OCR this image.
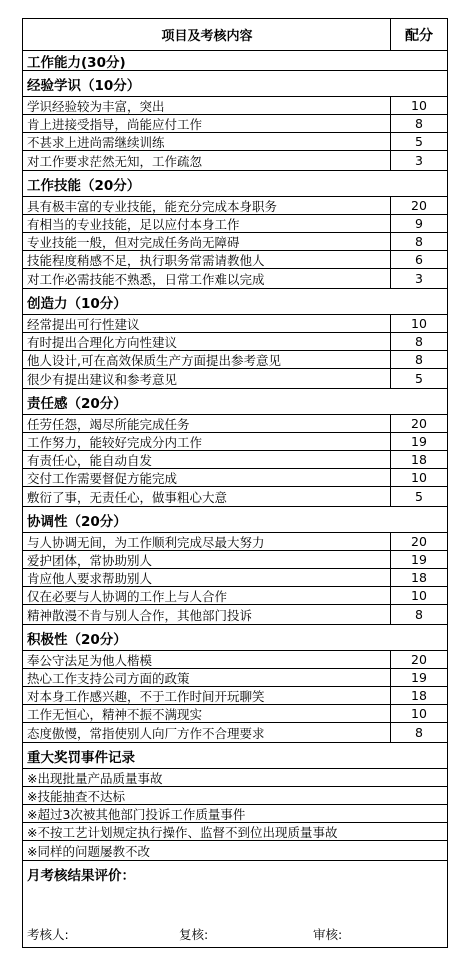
项目及考核内容	配分
工作能力(30分)
经验学识（10分）
学识经验较为丰富，突出	10
肯上进接受指导，尚能应付工作	8
不甚求上进尚需继续训练	5
对工作要求茫然无知，工作疏忽	3
工作技能（20分）
具有极丰富的专业技能，能充分完成本身职务	20
有相当的专业技能，足以应付本身工作	9
专业技能一般，但对完成任务尚无障碍	8
技能程度稍感不足，执行职务常需请教他人	6
对工作必需技能不熟悉，日常工作难以完成	3
创造力（10分）
经常提出可行性建议	10
有时提出合理化方向性建议	8
他人设计,可在高效保质生产方面提出参考意见	8
很少有提出建议和参考意见	5
责任感（20分）
任劳任怨，竭尽所能完成任务	20
工作努力，能较好完成分内工作	19
有责任心，能自动自发	18
交付工作需要督促方能完成	10
敷衍了事，无责任心，做事粗心大意	5
协调性（20分）
与人协调无间，为工作顺利完成尽最大努力	20
爱护团体，常协助别人	19
肯应他人要求帮助别人	18
仅在必要与人协调的工作上与人合作	10
精神散漫不肯与别人合作，其他部门投诉	8
积极性（20分）
奉公守法足为他人楷模	20
热心工作支持公司方面的政策	19
对本身工作感兴趣，不于工作时间开玩聊笑	18
工作无恒心，精神不振不满现实	10
态度傲慢，常指使别人向厂方作不合理要求	8
重大奖罚事件记录
※出现批量产品质量事故
※技能抽查不达标
※超过3次被其他部门投诉工作质量事件
※不按工艺计划规定执行操作、监督不到位出现质量事故
※同样的问题屡教不改
月考核结果评价：
考核人:	复核:	审核:
